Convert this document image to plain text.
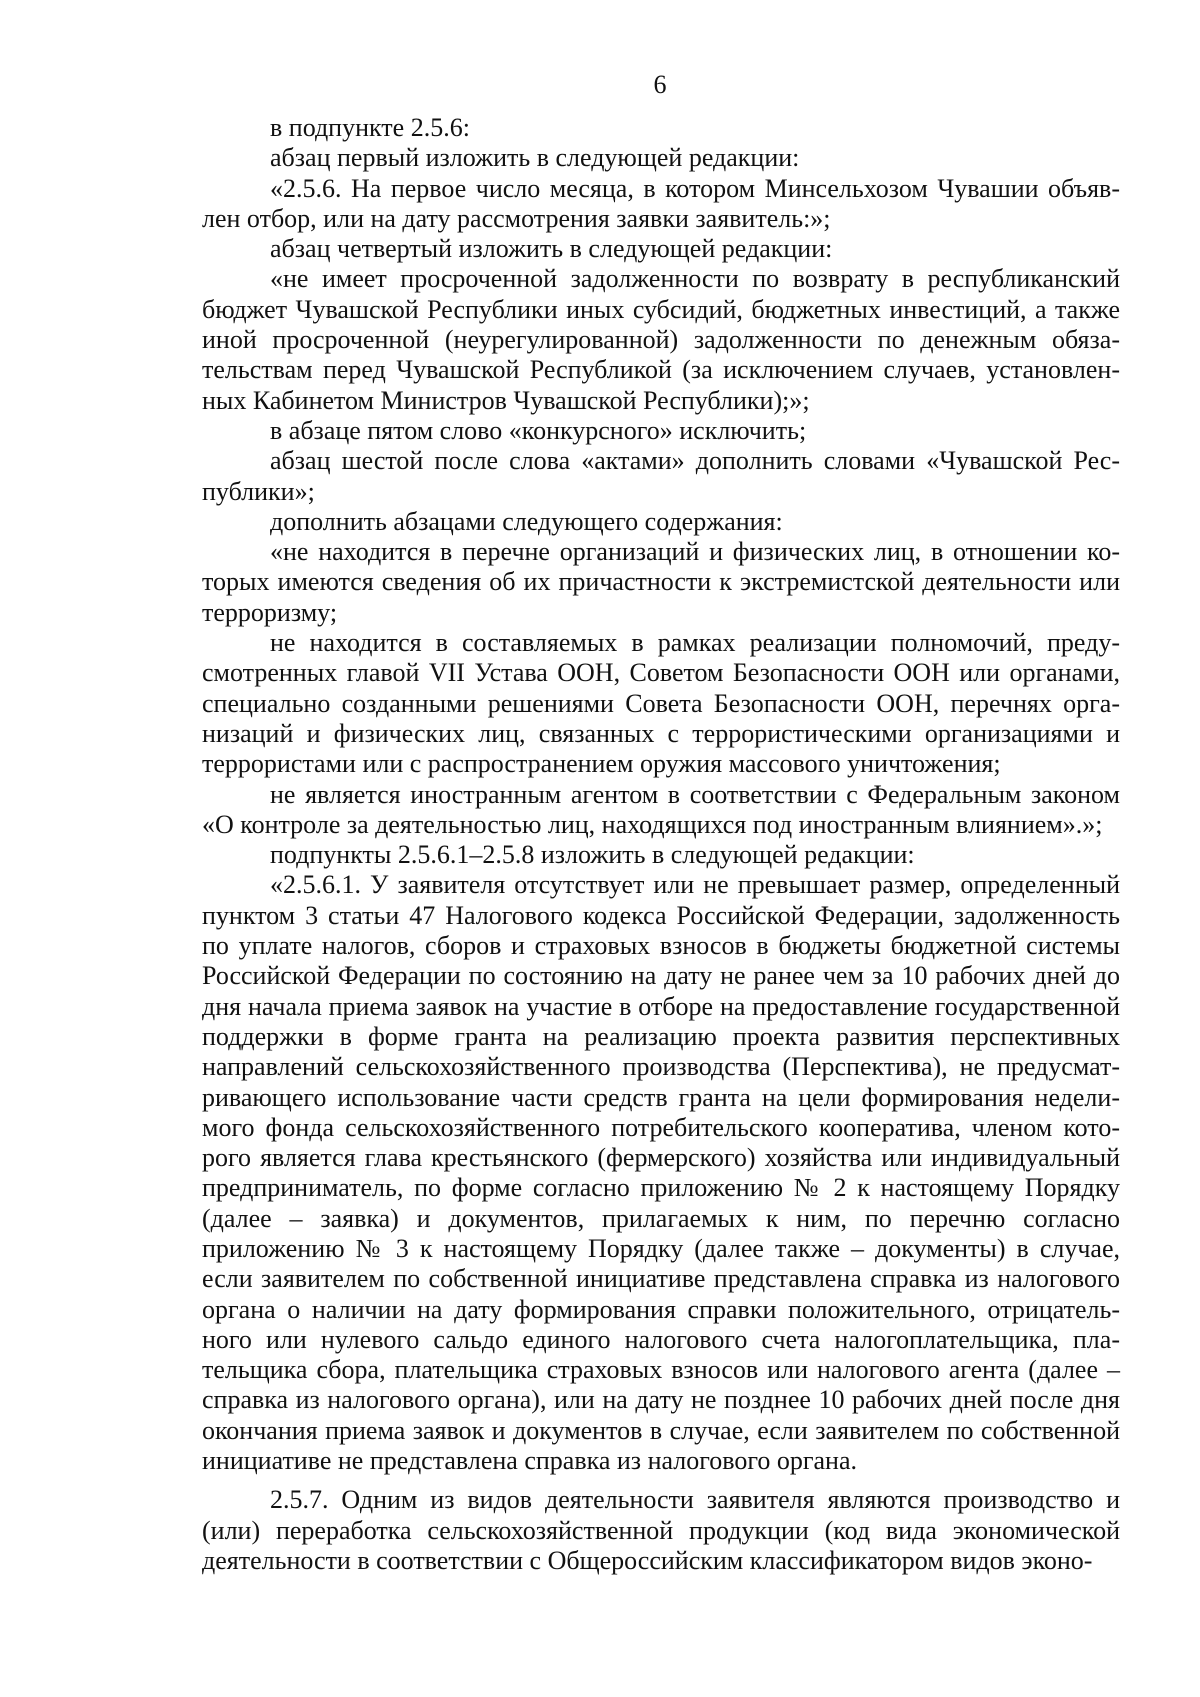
6

в подпункте 2.5.6:

абзац первый изложить в следующей редакции:

«2.5.6. На первое число месяца, в котором Минсельхозом Чувашии объявлен отбор, или на дату рассмотрения заявки заявитель:»;

абзац четвертый изложить в следующей редакции:

«не имеет просроченной задолженности по возврату в республиканский бюджет Чувашской Республики иных субсидий, бюджетных инвестиций, а также иной просроченной (неурегулированной) задолженности по денежным обязательствам перед Чувашской Республикой (за исключением случаев, установленных Кабинетом Министров Чувашской Республики);»;

в абзаце пятом слово «конкурсного» исключить;

абзац шестой после слова «актами» дополнить словами «Чувашской Республики»;

дополнить абзацами следующего содержания:

«не находится в перечне организаций и физических лиц, в отношении которых имеются сведения об их причастности к экстремистской деятельности или терроризму;

не находится в составляемых в рамках реализации полномочий, предусмотренных главой VII Устава ООН, Советом Безопасности ООН или органами, специально созданными решениями Совета Безопасности ООН, перечнях организаций и физических лиц, связанных с террористическими организациями и террористами или с распространением оружия массового уничтожения;

не является иностранным агентом в соответствии с Федеральным законом «О контроле за деятельностью лиц, находящихся под иностранным влиянием».»;

подпункты 2.5.6.1–2.5.8 изложить в следующей редакции:

«2.5.6.1. У заявителя отсутствует или не превышает размер, определенный пунктом 3 статьи 47 Налогового кодекса Российской Федерации, задолженность по уплате налогов, сборов и страховых взносов в бюджеты бюджетной системы Российской Федерации по состоянию на дату не ранее чем за 10 рабочих дней до дня начала приема заявок на участие в отборе на предоставление государственной поддержки в форме гранта на реализацию проекта развития перспективных направлений сельскохозяйственного производства (Перспектива), не предусматривающего использование части средств гранта на цели формирования неделимого фонда сельскохозяйственного потребительского кооператива, членом которого является глава крестьянского (фермерского) хозяйства или индивидуальный предприниматель, по форме согласно приложению № 2 к настоящему Порядку (далее – заявка) и документов, прилагаемых к ним, по перечню согласно приложению № 3 к настоящему Порядку (далее также – документы) в случае, если заявителем по собственной инициативе представлена справка из налогового органа о наличии на дату формирования справки положительного, отрицательного или нулевого сальдо единого налогового счета налогоплательщика, плательщика сбора, плательщика страховых взносов или налогового агента (далее – справка из налогового органа), или на дату не позднее 10 рабочих дней после дня окончания приема заявок и документов в случае, если заявителем по собственной инициативе не представлена справка из налогового органа.

2.5.7. Одним из видов деятельности заявителя являются производство и (или) переработка сельскохозяйственной продукции (код вида экономической деятельности в соответствии с Общероссийским классификатором видов эконо-
